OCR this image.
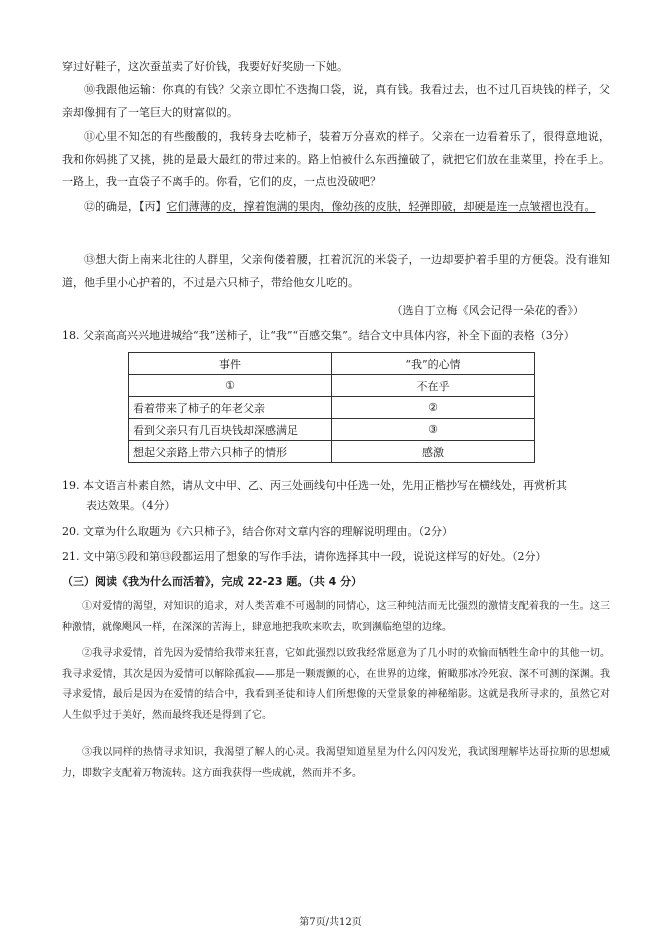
穿过好鞋子，这次蚕茧卖了好价钱，我要好好奖励一下她。

⑩我跟他运输：你真的有钱？父亲立即忙不迭掏口袋，说，真有钱。我看过去，也不过几百块钱的样子，父亲却像拥有了一笔巨大的财富似的。

⑪心里不知怎的有些酸酸的，我转身去吃柿子，装着万分喜欢的样子。父亲在一边看着乐了，很得意地说，我和你妈挑了又挑，挑的是最大最红的带过来的。路上怕被什么东西撞破了，就把它们放在韭菜里，拎在手上。一路上，我一直袋子不离手的。你看，它们的皮，一点也没破吧？

⑫的确是，【丙】它们薄薄的皮，撑着饱满的果肉，像幼孩的皮肤，轻弹即破，却硬是连一点皱褶也没有。

⑬想大街上南来北往的人群里，父亲佝偻着腰，扛着沉沉的米袋子，一边却要护着手里的方便袋。没有谁知道，他手里小心护着的，不过是六只柿子，带给他女儿吃的。

（选自丁立梅《风会记得一朵花的香》）

18. 父亲高高兴兴地进城给“我”送柿子，让“我”“百感交集”。结合文中具体内容，补全下面的表格（3分）

事件	“我”的心情
①	不在乎
看着带来了柿子的年老父亲	②
看到父亲只有几百块钱却深感满足	③
想起父亲路上带六只柿子的情形	感激

19. 本文语言朴素自然，请从文中甲、乙、丙三处画线句中任选一处，先用正楷抄写在横线处，再赏析其
表达效果。（4分）

20. 文章为什么取题为《六只柿子》，结合你对文章内容的理解说明理由。（2分）

21. 文中第⑤段和第⑬段都运用了想象的写作手法，请你选择其中一段，说说这样写的好处。（2分）

（三）阅读《我为什么而活着》，完成 22-23 题。（共 4 分）

①对爱情的渴望，对知识的追求，对人类苦难不可遏制的同情心，这三种纯洁而无比强烈的激情支配着我的一生。这三种激情，就像飓风一样，在深深的苦海上，肆意地把我吹来吹去，吹到濒临绝望的边缘。

②我寻求爱情，首先因为爱情给我带来狂喜，它如此强烈以致我经常愿意为了几小时的欢愉而牺牲生命中的其他一切。我寻求爱情，其次是因为爱情可以解除孤寂——那是一颗震颤的心，在世界的边缘，俯瞰那冰冷死寂、深不可测的深渊。我寻求爱情，最后是因为在爱情的结合中，我看到圣徒和诗人们所想像的天堂景象的神秘缩影。这就是我所寻求的，虽然它对人生似乎过于美好，然而最终我还是得到了它。

③我以同样的热情寻求知识，我渴望了解人的心灵。我渴望知道星星为什么闪闪发光，我试图理解毕达哥拉斯的思想威力，即数字支配着万物流转。这方面我获得一些成就，然而并不多。

第7页/共12页
